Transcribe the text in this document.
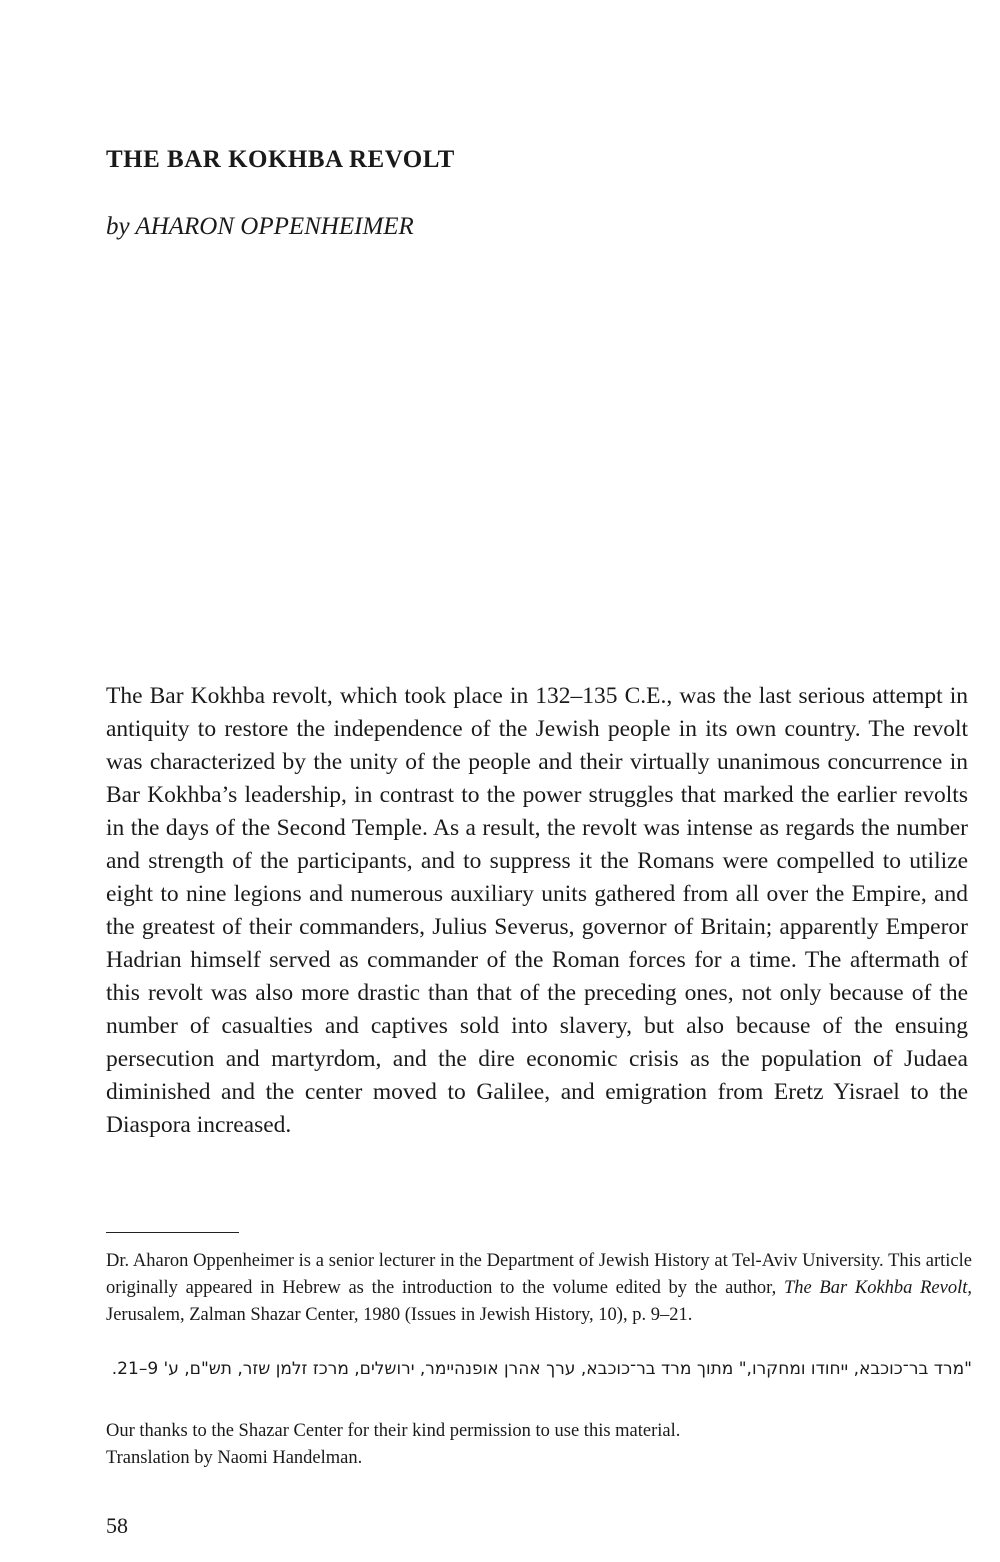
THE BAR KOKHBA REVOLT

by AHARON OPPENHEIMER

The Bar Kokhba revolt, which took place in 132–135 C.E., was the last serious attempt in antiquity to restore the independence of the Jewish people in its own country. The revolt was characterized by the unity of the people and their virtually unanimous concurrence in Bar Kokhba’s leadership, in contrast to the power struggles that marked the earlier revolts in the days of the Second Temple. As a result, the revolt was intense as regards the number and strength of the participants, and to suppress it the Romans were compelled to utilize eight to nine legions and numerous auxiliary units gathered from all over the Empire, and the greatest of their commanders, Julius Severus, governor of Britain; apparently Emperor Hadrian himself served as commander of the Roman forces for a time. The aftermath of this revolt was also more drastic than that of the preceding ones, not only because of the number of casualties and captives sold into slavery, but also because of the ensuing persecution and martyrdom, and the dire economic crisis as the population of Judaea diminished and the center moved to Galilee, and emigration from Eretz Yisrael to the Diaspora increased.

Dr. Aharon Oppenheimer is a senior lecturer in the Department of Jewish History at Tel-Aviv University. This article originally appeared in Hebrew as the introduction to the volume edited by the author, The Bar Kokhba Revolt, Jerusalem, Zalman Shazar Center, 1980 (Issues in Jewish History, 10), p. 9–21.

"מרד בר־כוכבא, ייחודו ומחקרו," מתוך מרד בר־כוכבא, ערך אהרן אופנהיימר, ירושלים, מרכז זלמן שזר, תש"ם, ע' 9–21.

Our thanks to the Shazar Center for their kind permission to use this material.
Translation by Naomi Handelman.
58
